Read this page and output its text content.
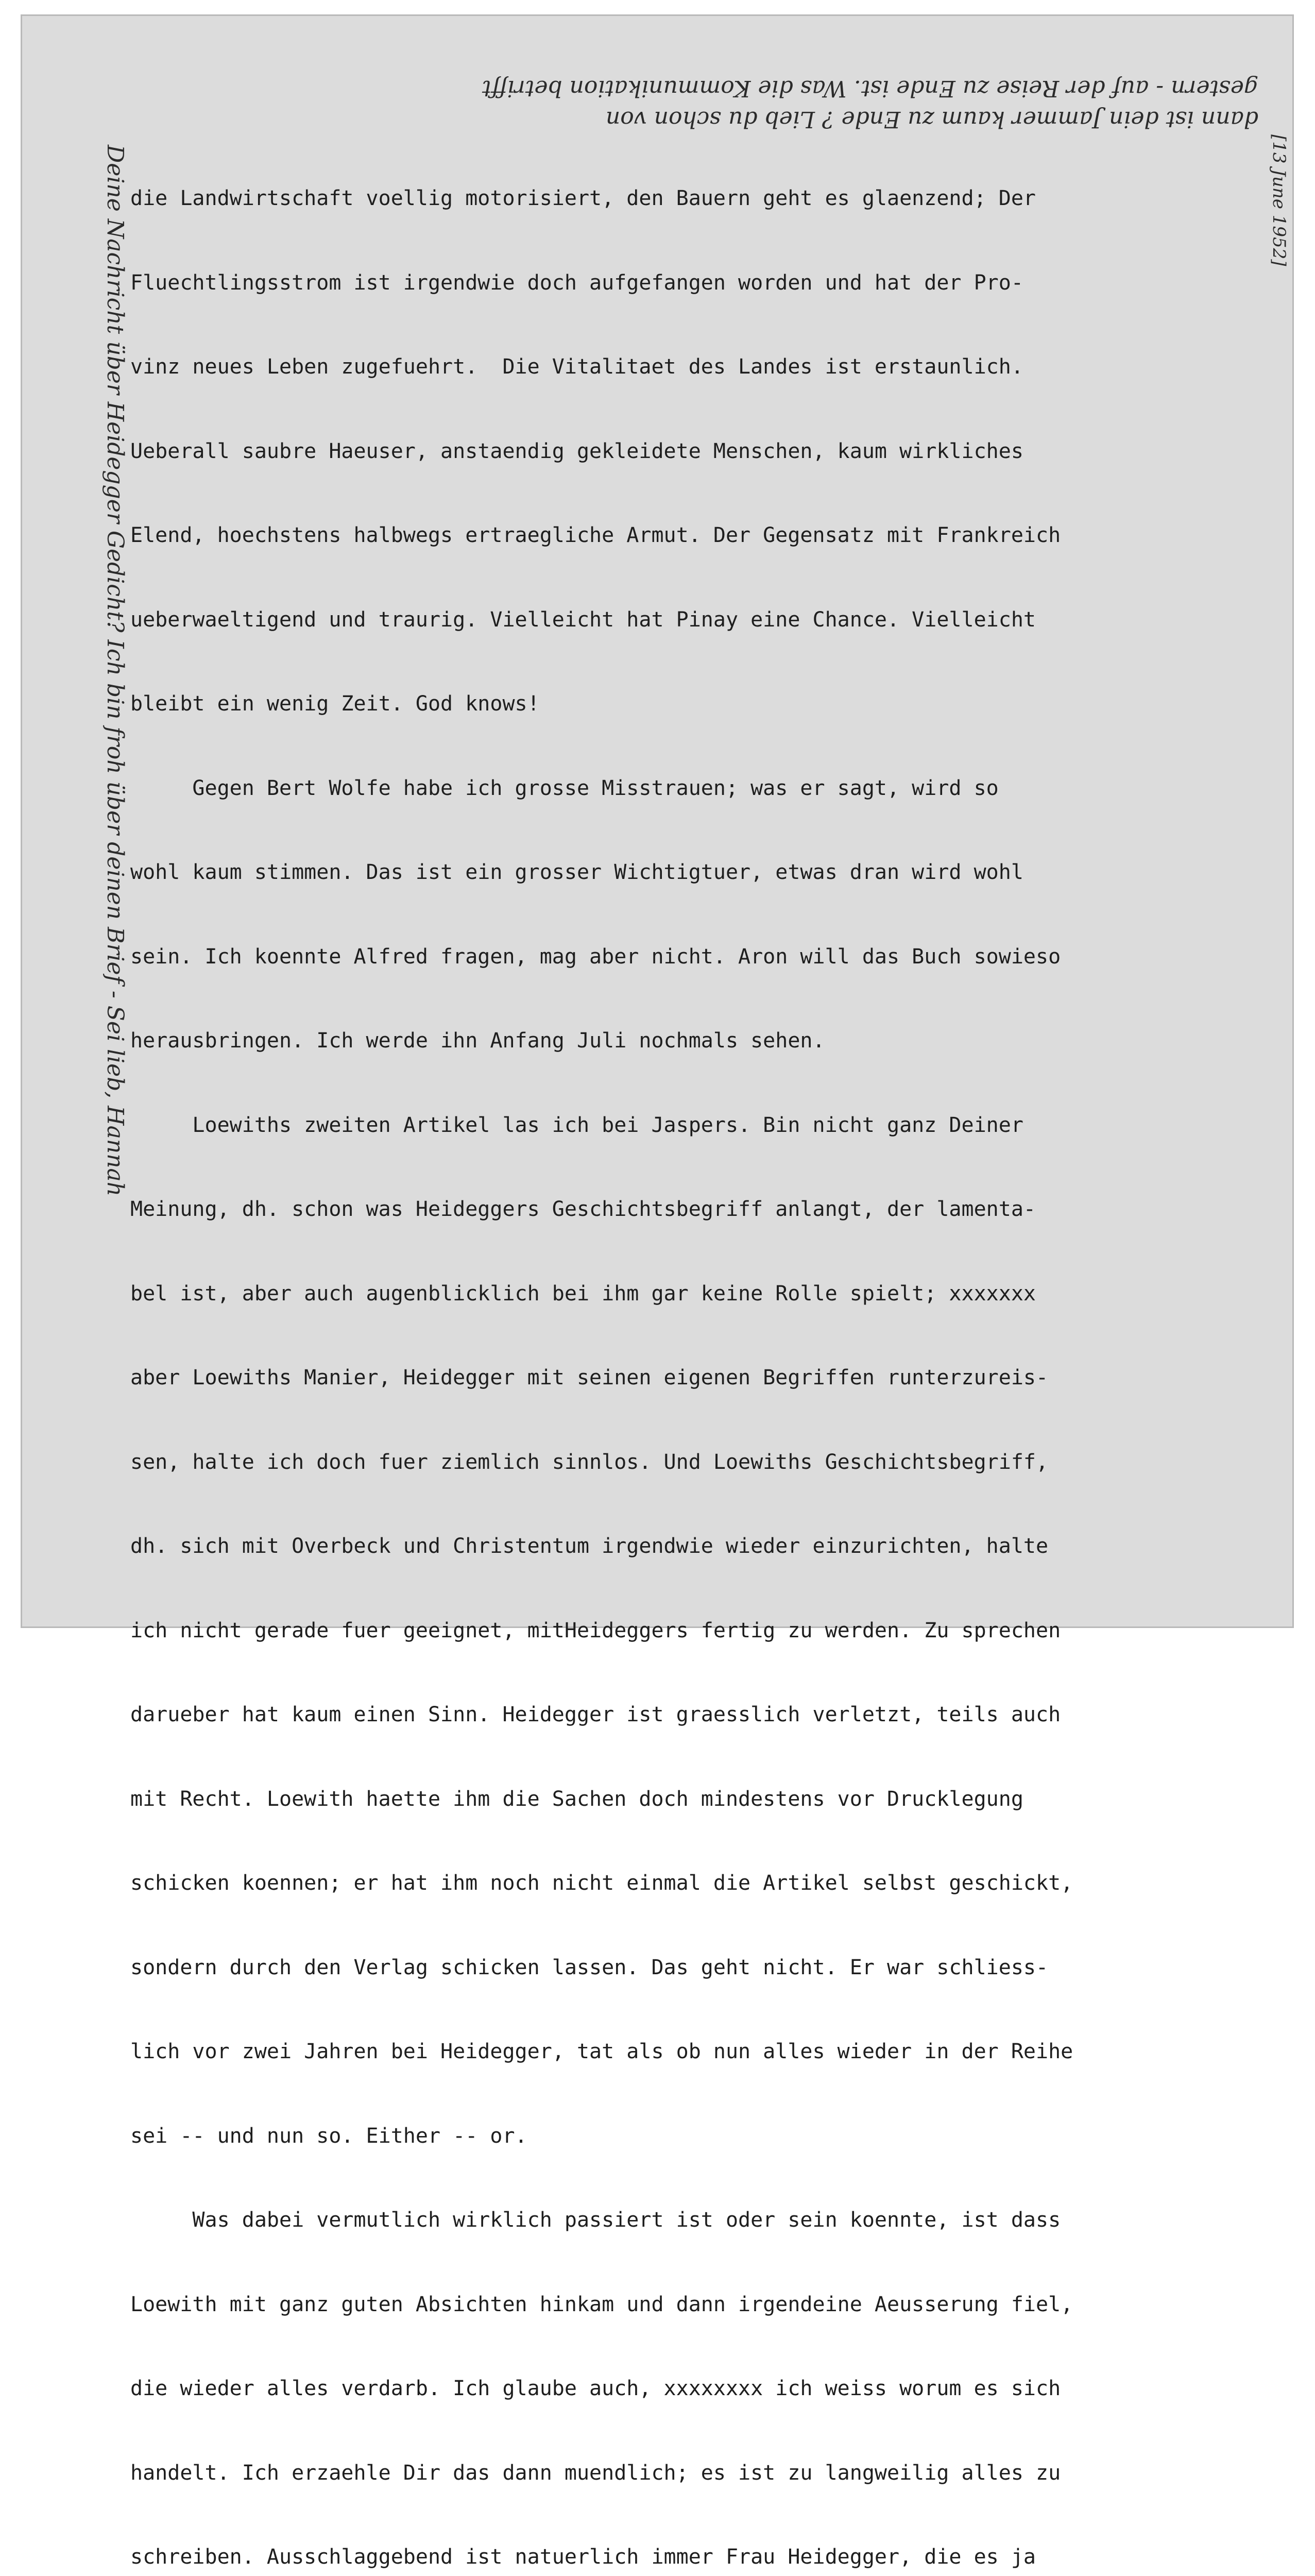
dann ist dein Jammer kaum zu Ende ? Lieb du schon von
gestern - auf der Reise zu Ende ist. Was die Kommunikation betrifft
Deine Nachricht über Heidegger Gedicht? Ich bin froh über deinen Brief - Sei lieb, Hannah	[13 June 1952]

die Landwirtschaft voellig motorisiert, den Bauern geht es glaenzend; Der

Fluechtlingsstrom ist irgendwie doch aufgefangen worden und hat der Pro-

vinz neues Leben zugefuehrt.  Die Vitalitaet des Landes ist erstaunlich.

Ueberall saubre Haeuser, anstaendig gekleidete Menschen, kaum wirkliches

Elend, hoechstens halbwegs ertraegliche Armut. Der Gegensatz mit Frankreich

ueberwaeltigend und traurig. Vielleicht hat Pinay eine Chance. Vielleicht

bleibt ein wenig Zeit. God knows!

Gegen Bert Wolfe habe ich grosse Misstrauen; was er sagt, wird so

wohl kaum stimmen. Das ist ein grosser Wichtigtuer, etwas dran wird wohl

sein. Ich koennte Alfred fragen, mag aber nicht. Aron will das Buch sowieso

herausbringen. Ich werde ihn Anfang Juli nochmals sehen.

Loewiths zweiten Artikel las ich bei Jaspers. Bin nicht ganz Deiner

Meinung, dh. schon was Heideggers Geschichtsbegriff anlangt, der lamenta-

bel ist, aber auch augenblicklich bei ihm gar keine Rolle spielt; xxxxxxx

aber Loewiths Manier, Heidegger mit seinen eigenen Begriffen runterzureis-

sen, halte ich doch fuer ziemlich sinnlos. Und Loewiths Geschichtsbegriff,

dh. sich mit Overbeck und Christentum irgendwie wieder einzurichten, halte

ich nicht gerade fuer geeignet, mitHeideggers fertig zu werden. Zu sprechen

darueber hat kaum einen Sinn. Heidegger ist graesslich verletzt, teils auch

mit Recht. Loewith haette ihm die Sachen doch mindestens vor Drucklegung

schicken koennen; er hat ihm noch nicht einmal die Artikel selbst geschickt,

sondern durch den Verlag schicken lassen. Das geht nicht. Er war schliess-

lich vor zwei Jahren bei Heidegger, tat als ob nun alles wieder in der Reihe

sei -- und nun so. Either -- or.

Was dabei vermutlich wirklich passiert ist oder sein koennte, ist dass

Loewith mit ganz guten Absichten hinkam und dann irgendeine Aeusserung fiel,

die wieder alles verdarb. Ich glaube auch, xxxxxxxx ich weiss worum es sich

handelt. Ich erzaehle Dir das dann muendlich; es ist zu langweilig alles zu

schreiben. Ausschlaggebend ist natuerlich immer Frau Heidegger, die es ja
